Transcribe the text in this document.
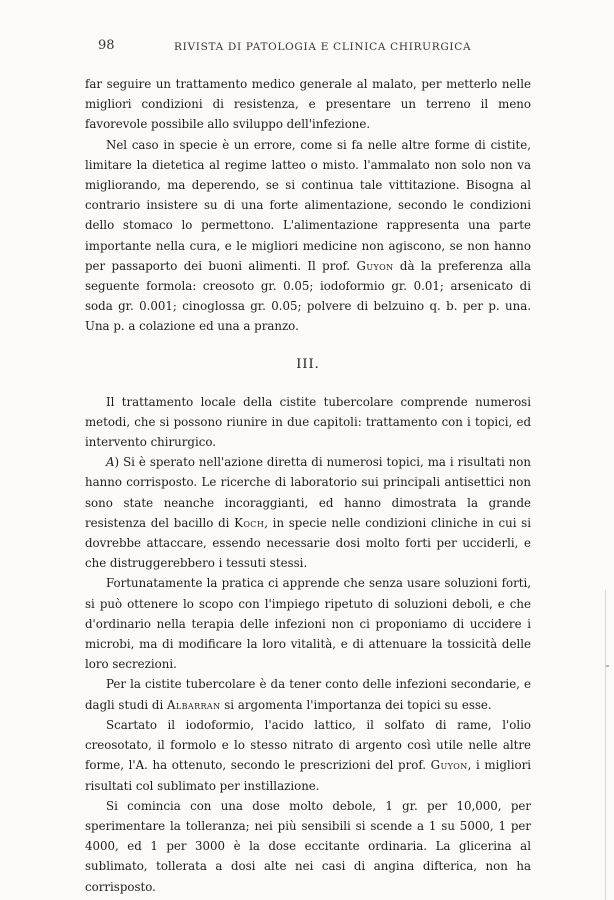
98	RIVISTA DI PATOLOGIA E CLINICA CHIRURGICA

far seguire un trattamento medico generale al malato, per metterlo nelle migliori condizioni di resistenza, e presentare un terreno il meno favorevole possibile allo sviluppo dell'infezione.

Nel caso in specie è un errore, come si fa nelle altre forme di cistite, limitare la dietetica al regime latteo o misto. l'ammalato non solo non va migliorando, ma deperendo, se si continua tale vittitazione. Bisogna al contrario insistere su di una forte alimentazione, secondo le condizioni dello stomaco lo permettono. L'alimentazione rappresenta una parte importante nella cura, e le migliori medicine non agiscono, se non hanno per passaporto dei buoni alimenti. Il prof. Guyon dà la preferenza alla seguente formola: creosoto gr. 0.05; iodoformio gr. 0.01; arsenicato di soda gr. 0.001; cinoglossa gr. 0.05; polvere di belzuino q. b. per p. una. Una p. a colazione ed una a pranzo.

III.

Il trattamento locale della cistite tubercolare comprende numerosi metodi, che si possono riunire in due capitoli: trattamento con i topici, ed intervento chirurgico.

A) Si è sperato nell'azione diretta di numerosi topici, ma i risultati non hanno corrisposto. Le ricerche di laboratorio sui principali antisettici non sono state neanche incoraggianti, ed hanno dimostrata la grande resistenza del bacillo di Koch, in specie nelle condizioni cliniche in cui si dovrebbe attaccare, essendo necessarie dosi molto forti per ucciderli, e che distruggerebbero i tessuti stessi.

Fortunatamente la pratica ci apprende che senza usare soluzioni forti, si può ottenere lo scopo con l'impiego ripetuto di soluzioni deboli, e che d'ordinario nella terapia delle infezioni non ci proponiamo di uccidere i microbi, ma di modificare la loro vitalità, e di attenuare la tossicità delle loro secrezioni.

Per la cistite tubercolare è da tener conto delle infezioni secondarie, e dagli studi di Albarran si argomenta l'importanza dei topici su esse.

Scartato il iodoformio, l'acido lattico, il solfato di rame, l'olio creosotato, il formolo e lo stesso nitrato di argento così utile nelle altre forme, l'A. ha ottenuto, secondo le prescrizioni del prof. Guyon, i migliori risultati col sublimato per instillazione.

Si comincia con una dose molto debole, 1 gr. per 10,000, per sperimentare la tolleranza; nei più sensibili si scende a 1 su 5000, 1 per 4000, ed 1 per 3000 è la dose eccitante ordinaria. La glicerina al sublimato, tollerata a dosi alte nei casi di angina difterica, non ha corrisposto.
